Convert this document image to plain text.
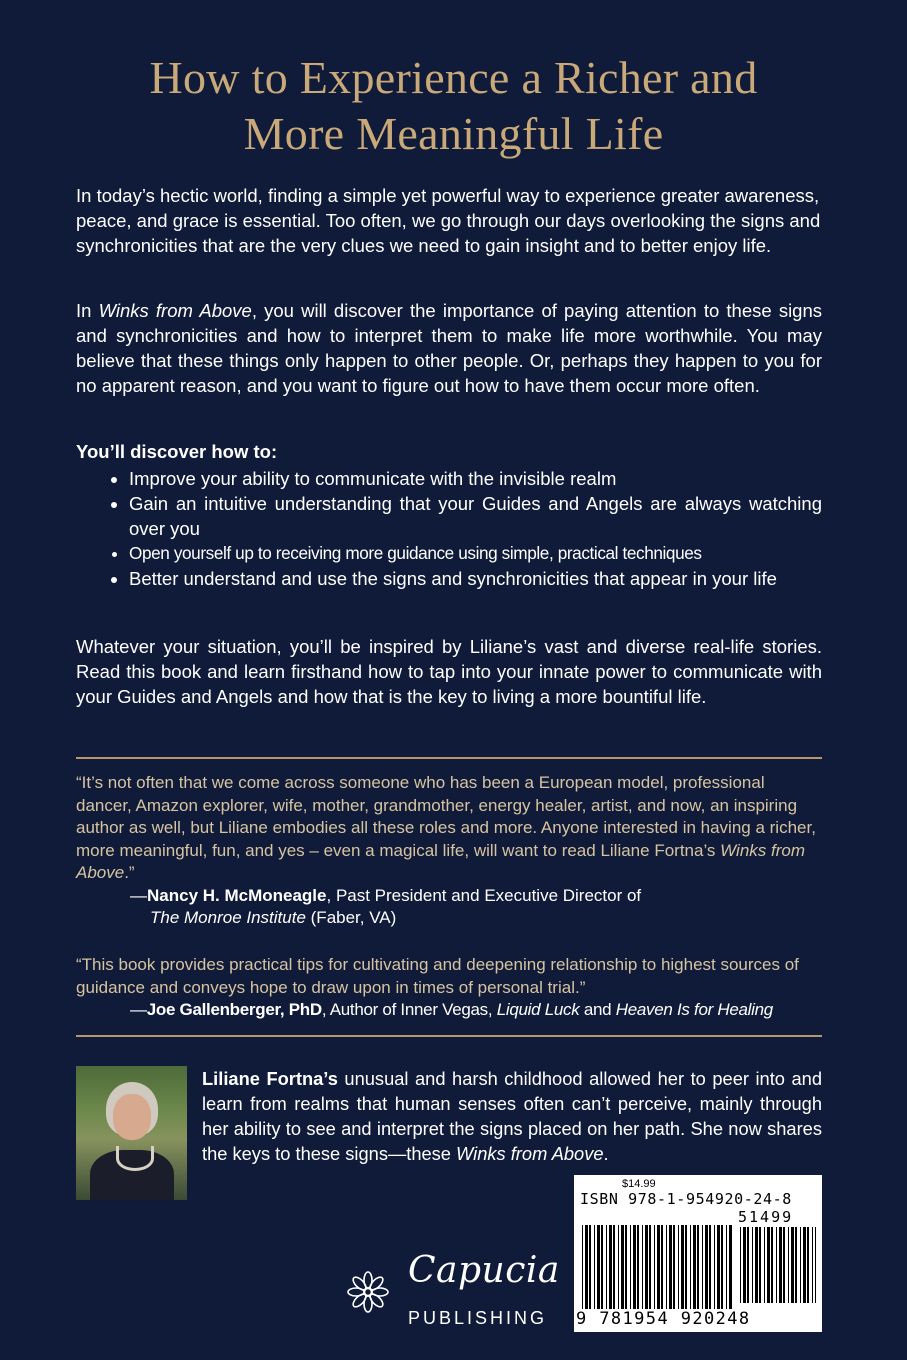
How to Experience a Richer and
More Meaningful Life

In today’s hectic world, finding a simple yet powerful way to experience greater awareness, peace, and grace is essential. Too often, we go through our days overlooking the signs and synchronicities that are the very clues we need to gain insight and to better enjoy life.

In Winks from Above, you will discover the importance of paying attention to these signs and synchronicities and how to interpret them to make life more worthwhile. You may believe that these things only happen to other people. Or, perhaps they happen to you for no apparent reason, and you want to figure out how to have them occur more often.

You’ll discover how to:
• Improve your ability to communicate with the invisible realm
• Gain an intuitive understanding that your Guides and Angels are always watching over you
• Open yourself up to receiving more guidance using simple, practical techniques
• Better understand and use the signs and synchronicities that appear in your life

Whatever your situation, you’ll be inspired by Liliane’s vast and diverse real-life stories. Read this book and learn firsthand how to tap into your innate power to communicate with your Guides and Angels and how that is the key to living a more bountiful life.

“It’s not often that we come across someone who has been a European model, professional dancer, Amazon explorer, wife, mother, grandmother, energy healer, artist, and now, an inspiring author as well, but Liliane embodies all these roles and more. Anyone interested in having a richer, more meaningful, fun, and yes – even a magical life, will want to read Liliane Fortna’s Winks from Above.”

—Nancy H. McMoneagle, Past President and Executive Director of
The Monroe Institute (Faber, VA)

“This book provides practical tips for cultivating and deepening relationship to highest sources of guidance and conveys hope to draw upon in times of personal trial.”

—Joe Gallenberger, PhD, Author of Inner Vegas, Liquid Luck and Heaven Is for Healing

Liliane Fortna’s unusual and harsh childhood allowed her to peer into and learn from realms that human senses often can’t perceive, mainly through her ability to see and interpret the signs placed on her path. She now shares the keys to these signs—these Winks from Above.

Capucia
PUBLISHING
$14.99
ISBN 978-1-954920-24-8
51499
9 781954 920248
